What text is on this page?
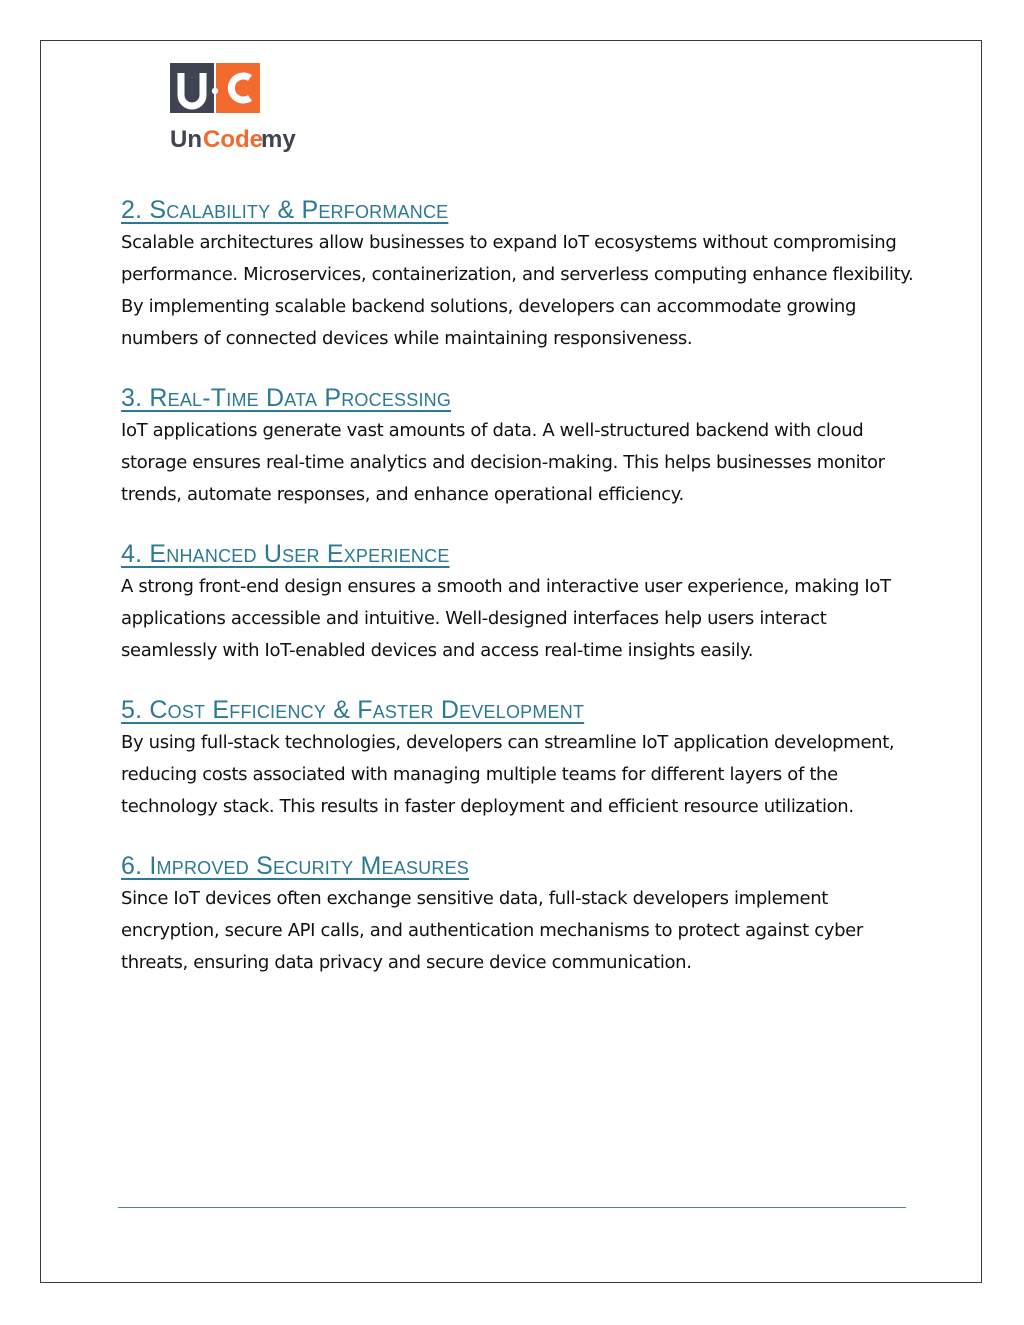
Un Code
my
2. Scalability & Performance

Scalable architectures allow businesses to expand IoT ecosystems without compromising performance. Microservices, containerization, and serverless computing enhance flexibility. By implementing scalable backend solutions, developers can accommodate growing numbers of connected devices while maintaining responsiveness.

3. Real-Time Data Processing

IoT applications generate vast amounts of data. A well-structured backend with cloud storage ensures real-time analytics and decision-making. This helps businesses monitor trends, automate responses, and enhance operational efficiency.

4. Enhanced User Experience

A strong front-end design ensures a smooth and interactive user experience, making IoT applications accessible and intuitive. Well-designed interfaces help users interact seamlessly with IoT-enabled devices and access real-time insights easily.

5. Cost Efficiency & Faster Development

By using full-stack technologies, developers can streamline IoT application development, reducing costs associated with managing multiple teams for different layers of the technology stack. This results in faster deployment and efficient resource utilization.

6. Improved Security Measures

Since IoT devices often exchange sensitive data, full-stack developers implement encryption, secure API calls, and authentication mechanisms to protect against cyber threats, ensuring data privacy and secure device communication.
